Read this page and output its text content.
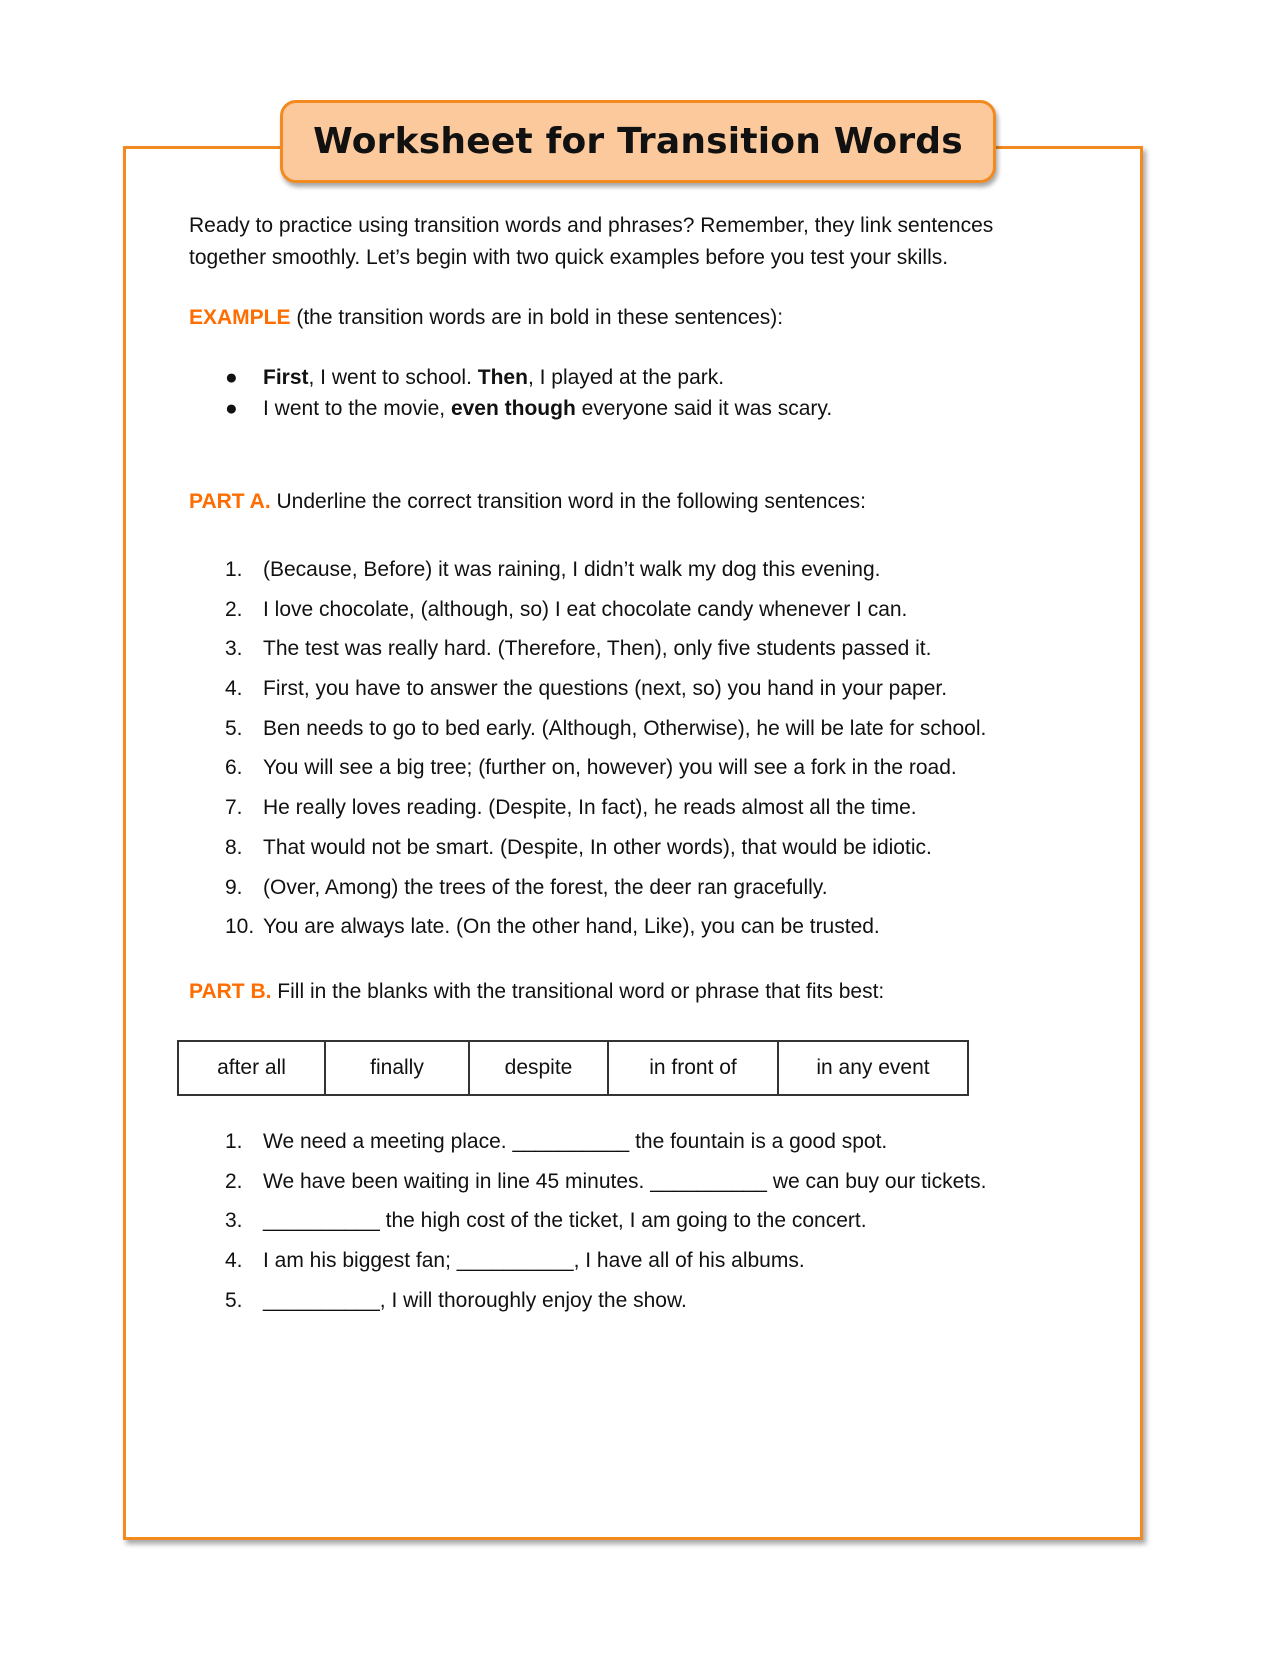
Worksheet for Transition Words

Ready to practice using transition words and phrases? Remember, they link sentences
together smoothly. Let’s begin with two quick examples before you test your skills.

EXAMPLE (the transition words are in bold in these sentences):

● First, I went to school. Then, I played at the park.
● I went to the movie, even though everyone said it was scary.

PART A. Underline the correct transition word in the following sentences:

1. (Because, Before) it was raining, I didn’t walk my dog this evening.
2. I love chocolate, (although, so) I eat chocolate candy whenever I can.
3. The test was really hard. (Therefore, Then), only five students passed it.
4. First, you have to answer the questions (next, so) you hand in your paper.
5. Ben needs to go to bed early. (Although, Otherwise), he will be late for school.
6. You will see a big tree; (further on, however) you will see a fork in the road.
7. He really loves reading. (Despite, In fact), he reads almost all the time.
8. That would not be smart. (Despite, In other words), that would be idiotic.
9. (Over, Among) the trees of the forest, the deer ran gracefully.
10. You are always late. (On the other hand, Like), you can be trusted.

PART B. Fill in the blanks with the transitional word or phrase that fits best:

after all	finally	despite	in front of	in any event
1. We need a meeting place. __________ the fountain is a good spot.
2. We have been waiting in line 45 minutes. __________ we can buy our tickets.
3. __________ the high cost of the ticket, I am going to the concert.
4. I am his biggest fan; __________, I have all of his albums.
5. __________, I will thoroughly enjoy the show.
